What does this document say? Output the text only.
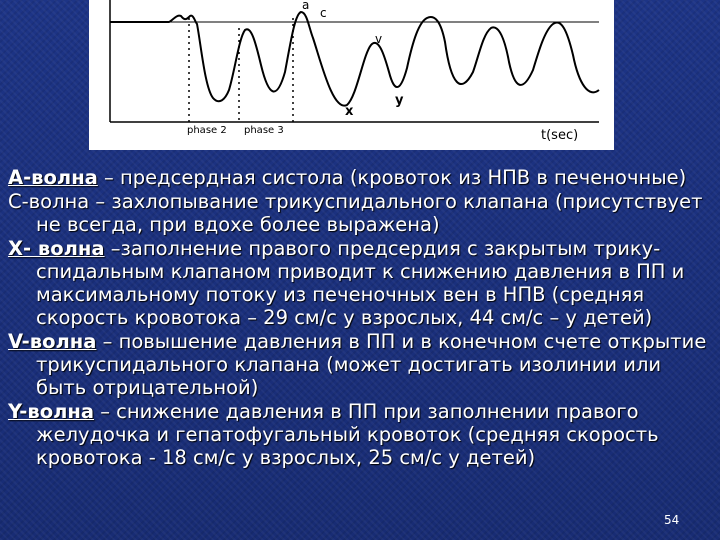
a
c
v
x
y
phase 2 phase 3	t(sec)

А-волна – предсердная систола (кровоток из НПВ в печеночные)

С-волна – захлопывание трикуспидального клапана (присутствует не всегда, при вдохе более выражена)

Х- волна –заполнение правого предсердия с закрытым трику-спидальным клапаном приводит к снижению давления в ПП и максимальному потоку из печеночных вен в НПВ (средняя скорость кровотока – 29 см/с у взрослых, 44 см/с – у детей)

V-волна – повышение давления в ПП и в конечном счете открытие трикуспидального клапана (может достигать изолинии или быть отрицательной)

Y-волна – снижение давления в ПП при заполнении правого желудочка и гепатофугальный кровоток (средняя скорость кровотока - 18 см/с у взрослых, 25 см/с у детей)

54
